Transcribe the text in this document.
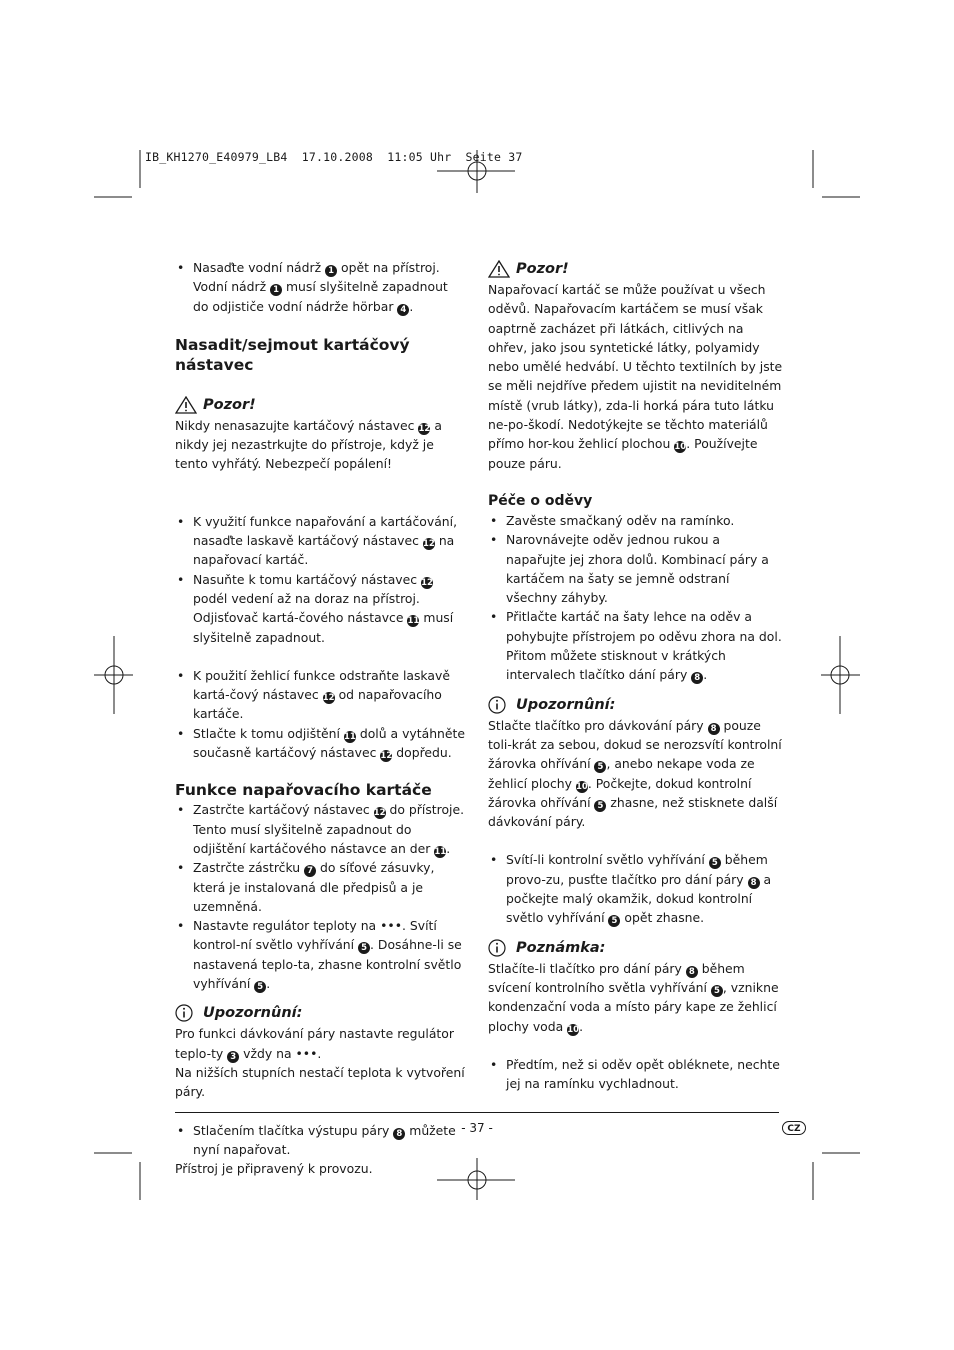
IB_KH1270_E40979_LB4  17.10.2008  11:05 Uhr  Seite 37
• Nasaďte vodní nádrž 1 opět na přístroj. Vodní nádrž 1 musí slyšitelně zapadnout do odjističe vodní nádrže hörbar 4 .
Nasadit/sejmout kartáčový nástavec
Pozor!

Nikdy nenasazujte kartáčový nástavec 12 a nikdy jej nezastrkujte do přístroje, když je tento vyhřátý. Nebezpečí popálení!

• K využití funkce napařování a kartáčování, nasaďte laskavě kartáčový nástavec 12 na napařovací kartáč.
• Nasuňte k tomu kartáčový nástavec 12 podél vedení až na doraz na přístroj. Odjisťovač kartá-čového nástavce 11 musí slyšitelně zapadnout.
• K použití žehlicí funkce odstraňte laskavě kartá-čový nástavec 12 od napařovacího kartáče.
• Stlačte k tomu odjištění 11 dolů a vytáhněte současně kartáčový nástavec 12 dopředu.
Funkce napařovacího kartáče
• Zastrčte kartáčový nástavec 12 do přístroje. Tento musí slyšitelně zapadnout do odjištění kartáčového nástavce an der 11.
• Zastrčte zástrčku 7 do síťové zásuvky, která je instalovaná dle předpisů a je uzemněná.
• Nastavte regulátor teploty na •••. Svítí kontrol-ní světlo vyhřívání 5 . Dosáhne-li se nastavená teplo-ta, zhasne kontrolní světlo vyhřívání 5 .
Upozornûní:

Pro funkci dávkování páry nastavte regulátor teplo-ty 3 vždy na •••.

Na nižších stupních nestačí teplota k vytvoření páry.

• Stlačením tlačítka výstupu páry 8 můžete nyní napařovat.

Přístroj je připravený k provozu.

Pozor!

Napařovací kartáč se může používat u všech oděvů. Napařovacím kartáčem se musí však oaptrně zacházet při látkách, citlivých na ohřev, jako jsou syntetické látky, polyamidy nebo umělé hedvábí. U těchto textilních by jste se měli nejdříve předem ujistit na neviditelném místě (vrub látky), zda-li horká pára tuto látku ne-po-škodí. Nedotýkejte se těchto materiálů přímo hor-kou žehlicí plochou 10. Používejte pouze páru.

Péče o oděvy
• Zavěste smačkaný oděv na ramínko.
• Narovnávejte oděv jednou rukou a napařujte jej zhora dolů. Kombinací páry a kartáčem na šaty se jemně odstraní všechny záhyby.
• Přitlačte kartáč na šaty lehce na oděv a pohybujte přístrojem po oděvu zhora na dol. Přitom můžete stisknout v krátkých intervalech tlačítko dání páry 8 .
Upozornûní:

Stlačte tlačítko pro dávkování páry 8 pouze toli-krát za sebou, dokud se nerozsvítí kontrolní žárovka ohřívání 5 , anebo nekape voda ze žehlicí plochy 10. Počkejte, dokud kontrolní žárovka ohřívání 5 zhasne, než stisknete další dávkování páry.

• Svítí-li kontrolní světlo vyhřívání 5 během provo-zu, pusťte tlačítko pro dání páry 8 a počkejte malý okamžik, dokud kontrolní světlo vyhřívání 5 opět zhasne.
Poznámka:

Stlačíte-li tlačítko pro dání páry 8 během svícení kontrolního světla vyhřívání 5 , vznikne kondenzační voda a místo páry kape ze žehlicí plochy voda 10.

• Předtím, než si oděv opět obléknete, nechte jej na ramínku vychladnout.
- 37 -	CZ
